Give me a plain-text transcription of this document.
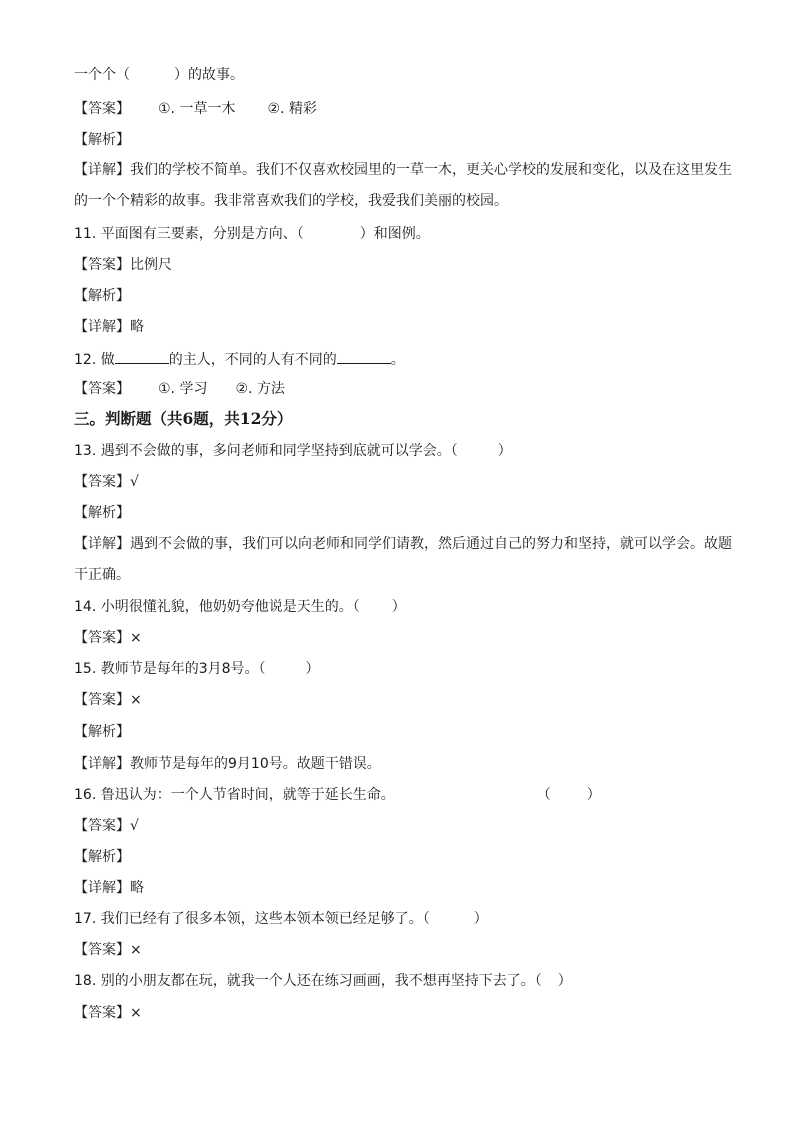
一个个（	）的故事。
【答案】 ①. 一草一木 ②. 精彩
【解析】
【详解】我们的学校不简单。我们不仅喜欢校园里的一草一木，更关心学校的发展和变化，以及在这里发生的一个个精彩的故事。我非常喜欢我们的学校，我爱我们美丽的校园。
11. 平面图有三要素，分别是方向、（	）和图例。
【答案】比例尺
【解析】
【详解】略
12. 做	的主人，不同的人有不同的	。
【答案】 ①. 学习 ②. 方法
三。判断题（共6题，共12分）
13. 遇到不会做的事，多问老师和同学坚持到底就可以学会。（	）
【答案】√
【解析】
【详解】遇到不会做的事，我们可以向老师和同学们请教，然后通过自己的努力和坚持，就可以学会。故题干正确。
14. 小明很懂礼貌，他奶奶夸他说是天生的。（ ）
【答案】×
15. 教师节是每年的3月8号。（	）
【答案】×
【解析】
【详解】教师节是每年的9月10号。故题干错误。
16. 鲁迅认为：一个人节省时间，就等于延长生命。	（	）
【答案】√
【解析】
【详解】略
17. 我们已经有了很多本领，这些本领本领已经足够了。（	）
【答案】×
18. 别的小朋友都在玩，就我一个人还在练习画画，我不想再坚持下去了。（ ）
【答案】×
